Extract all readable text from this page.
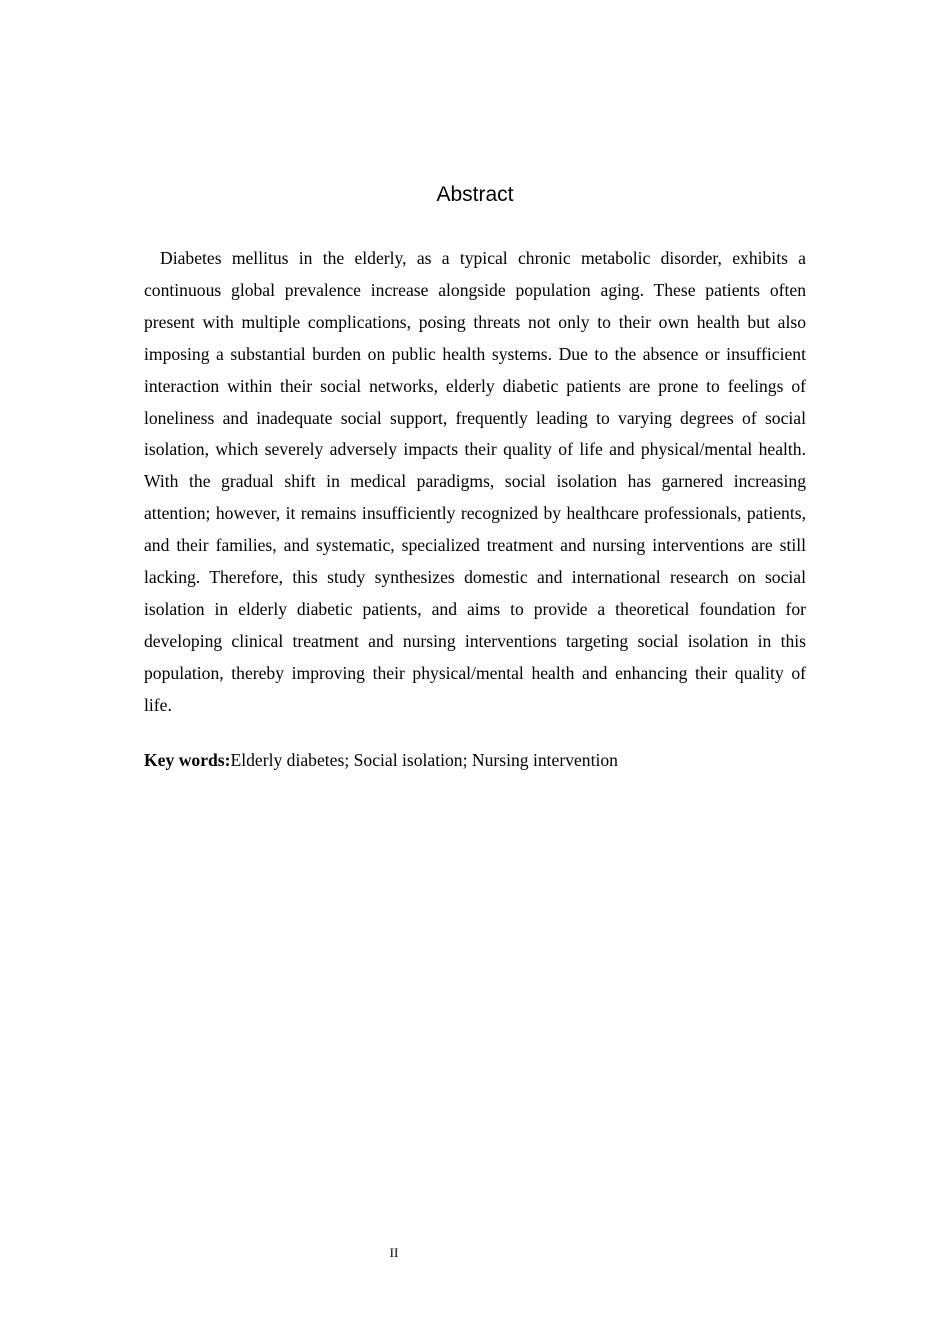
Abstract

Diabetes mellitus in the elderly, as a typical chronic metabolic disorder, exhibits a continuous global prevalence increase alongside population aging. These patients often present with multiple complications, posing threats not only to their own health but also imposing a substantial burden on public health systems. Due to the absence or insufficient interaction within their social networks, elderly diabetic patients are prone to feelings of loneliness and inadequate social support, frequently leading to varying degrees of social isolation, which severely adversely impacts their quality of life and physical/mental health. With the gradual shift in medical paradigms, social isolation has garnered increasing attention; however, it remains insufficiently recognized by healthcare professionals, patients, and their families, and systematic, specialized treatment and nursing interventions are still lacking. Therefore, this study synthesizes domestic and international research on social isolation in elderly diabetic patients, and aims to provide a theoretical foundation for developing clinical treatment and nursing interventions targeting social isolation in this population, thereby improving their physical/mental health and enhancing their quality of life.

Key words:Elderly diabetes; Social isolation; Nursing intervention

II
